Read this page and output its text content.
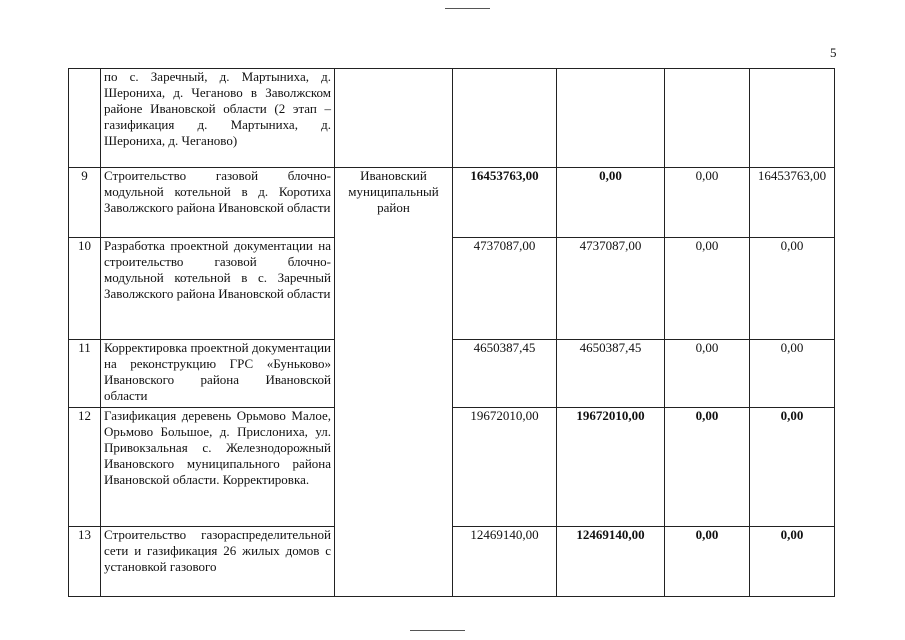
5
	по с. Заречный, д. Мартыниха, д. Шерониха, д. Чеганово в Заволжском районе Ивановской области (2 этап – газификация д. Мартыниха, д. Шерониха, д. Чеганово)					
9	Строительство газовой блочно-модульной котельной в д. Коротиха Заволжского района Ивановской области	Ивановский муниципальный район	16453763,00	0,00	0,00	16453763,00
10	Разработка проектной документации на строительство газовой блочно-модульной котельной в с. Заречный Заволжского района Ивановской области		4737087,00	4737087,00	0,00	0,00
11	Корректировка проектной документации на реконструкцию ГРС «Буньково» Ивановского района Ивановской области		4650387,45	4650387,45	0,00	0,00
12	Газификация деревень Орьмово Малое, Орьмово Большое, д. Прислониха, ул. Привокзальная с. Железнодорожный Ивановского муниципального района Ивановской области. Корректировка.		19672010,00	19672010,00	0,00	0,00
13	Строительство газораспределительной сети и газификация 26 жилых домов с установкой газового		12469140,00	12469140,00	0,00	0,00
